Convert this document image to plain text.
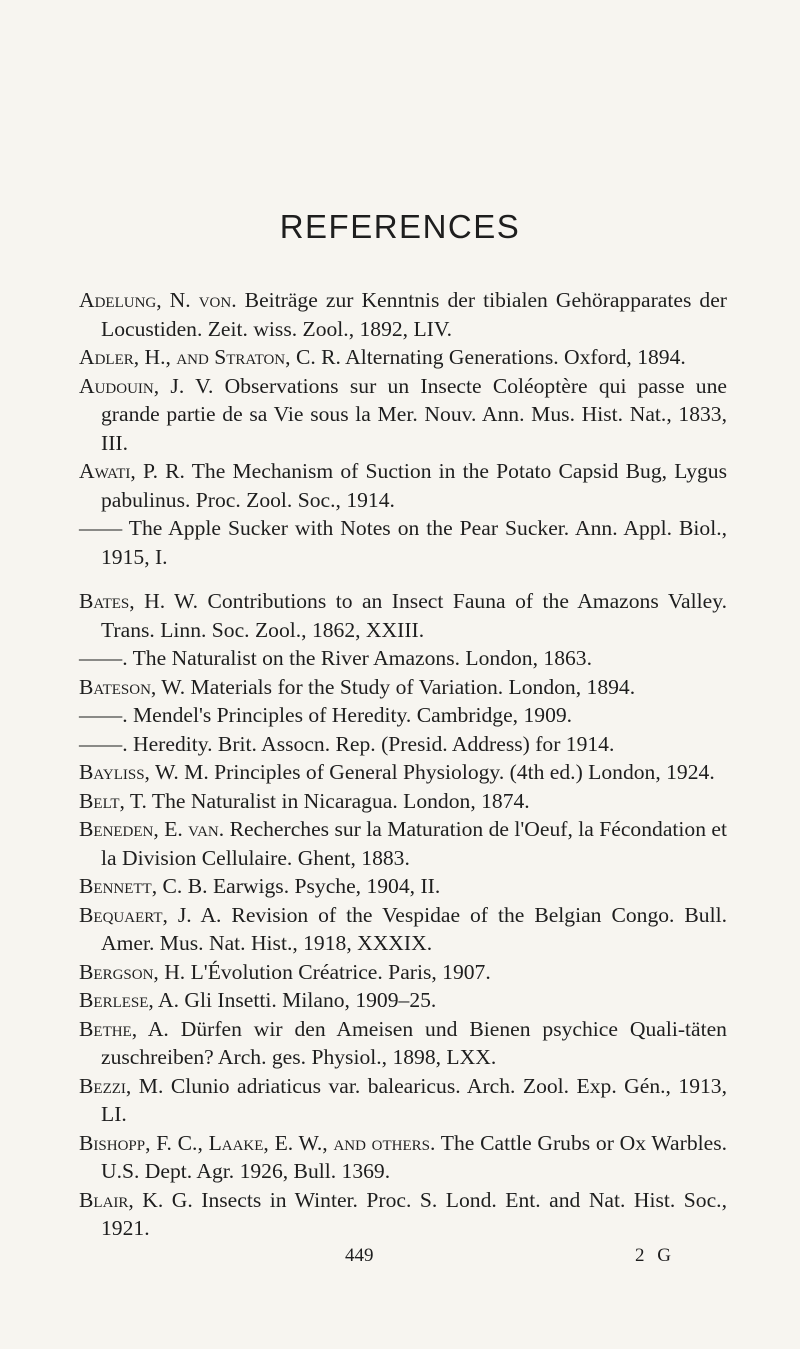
REFERENCES

Adelung, N. von. Beiträge zur Kenntnis der tibialen Gehörapparates der Locustiden. Zeit. wiss. Zool., 1892, LIV.

Adler, H., and Straton, C. R. Alternating Generations. Oxford, 1894.

Audouin, J. V. Observations sur un Insecte Coléoptère qui passe une grande partie de sa Vie sous la Mer. Nouv. Ann. Mus. Hist. Nat., 1833, III.

Awati, P. R. The Mechanism of Suction in the Potato Capsid Bug, Lygus pabulinus. Proc. Zool. Soc., 1914.

—— The Apple Sucker with Notes on the Pear Sucker. Ann. Appl. Biol., 1915, I.

Bates, H. W. Contributions to an Insect Fauna of the Amazons Valley. Trans. Linn. Soc. Zool., 1862, XXIII.

——. The Naturalist on the River Amazons. London, 1863.

Bateson, W. Materials for the Study of Variation. London, 1894.

——. Mendel's Principles of Heredity. Cambridge, 1909.

——. Heredity. Brit. Assocn. Rep. (Presid. Address) for 1914.

Bayliss, W. M. Principles of General Physiology. (4th ed.) London, 1924.

Belt, T. The Naturalist in Nicaragua. London, 1874.

Beneden, E. van. Recherches sur la Maturation de l'Oeuf, la Fécondation et la Division Cellulaire. Ghent, 1883.

Bennett, C. B. Earwigs. Psyche, 1904, II.

Bequaert, J. A. Revision of the Vespidae of the Belgian Congo. Bull. Amer. Mus. Nat. Hist., 1918, XXXIX.

Bergson, H. L'Évolution Créatrice. Paris, 1907.

Berlese, A. Gli Insetti. Milano, 1909–25.

Bethe, A. Dürfen wir den Ameisen und Bienen psychice Quali-täten zuschreiben? Arch. ges. Physiol., 1898, LXX.

Bezzi, M. Clunio adriaticus var. balearicus. Arch. Zool. Exp. Gén., 1913, LI.

Bishopp, F. C., Laake, E. W., and others. The Cattle Grubs or Ox Warbles. U.S. Dept. Agr. 1926, Bull. 1369.

Blair, K. G. Insects in Winter. Proc. S. Lond. Ent. and Nat. Hist. Soc., 1921.

449	2 G
